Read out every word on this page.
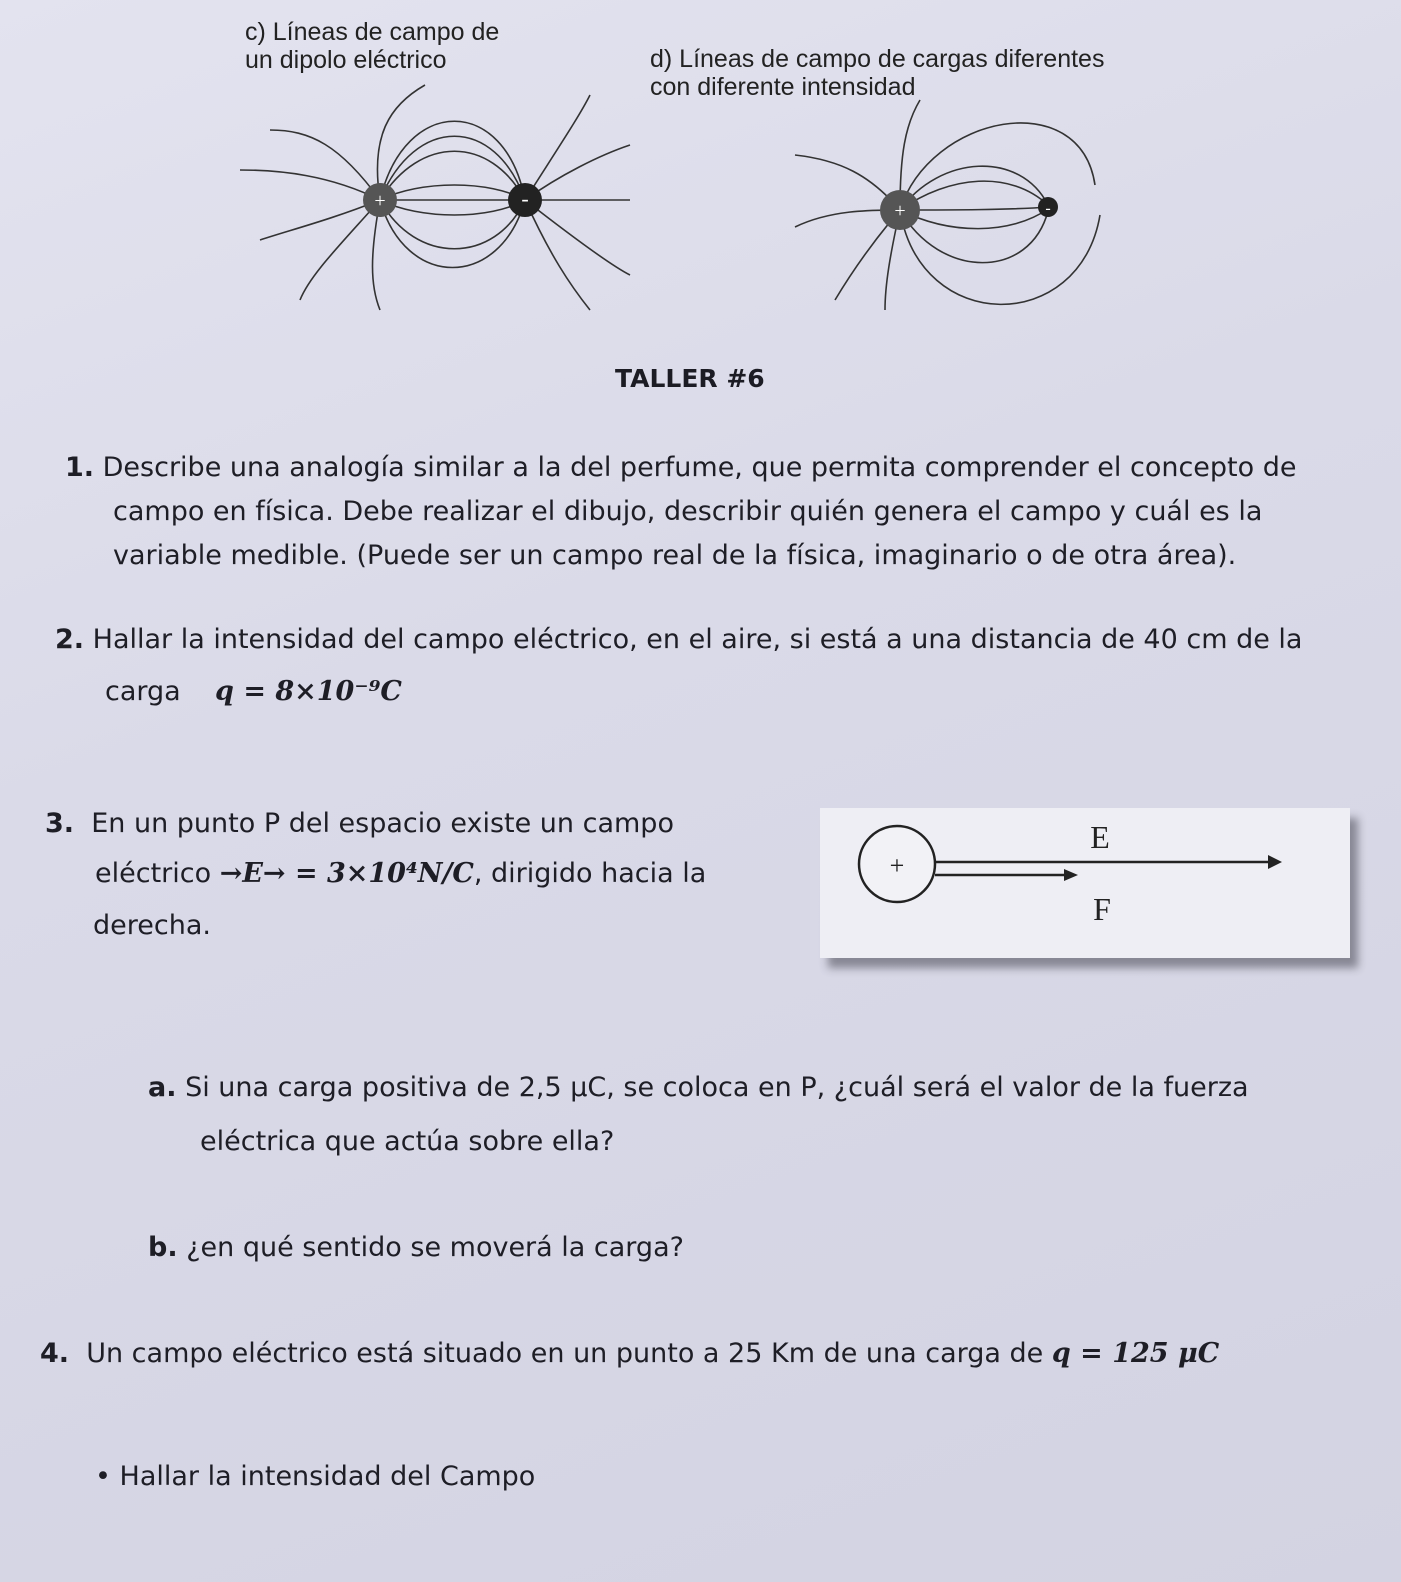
c) Líneas de campo de
un dipolo eléctrico	d) Líneas de campo de cargas diferentes
con diferente intensidad
+	-	+	-
TALLER #6
1. Describe una analogía similar a la del perfume, que permita comprender el concepto de
campo en física. Debe realizar el dibujo, describir quién genera el campo y cuál es la
variable medible. (Puede ser un campo real de la física, imaginario o de otra área).
2. Hallar la intensidad del campo eléctrico, en el aire, si está a una distancia de 40 cm de la
carga q = 8×10⁻⁹C
3. En un punto P del espacio existe un campo
eléctrico →E→ = 3×10⁴N/C, dirigido hacia la
derecha.
+
E
F
a. Si una carga positiva de 2,5 µC, se coloca en P, ¿cuál será el valor de la fuerza
eléctrica que actúa sobre ella?
b. ¿en qué sentido se moverá la carga?
4. Un campo eléctrico está situado en un punto a 25 Km de una carga de q = 125 μC
• Hallar la intensidad del Campo
